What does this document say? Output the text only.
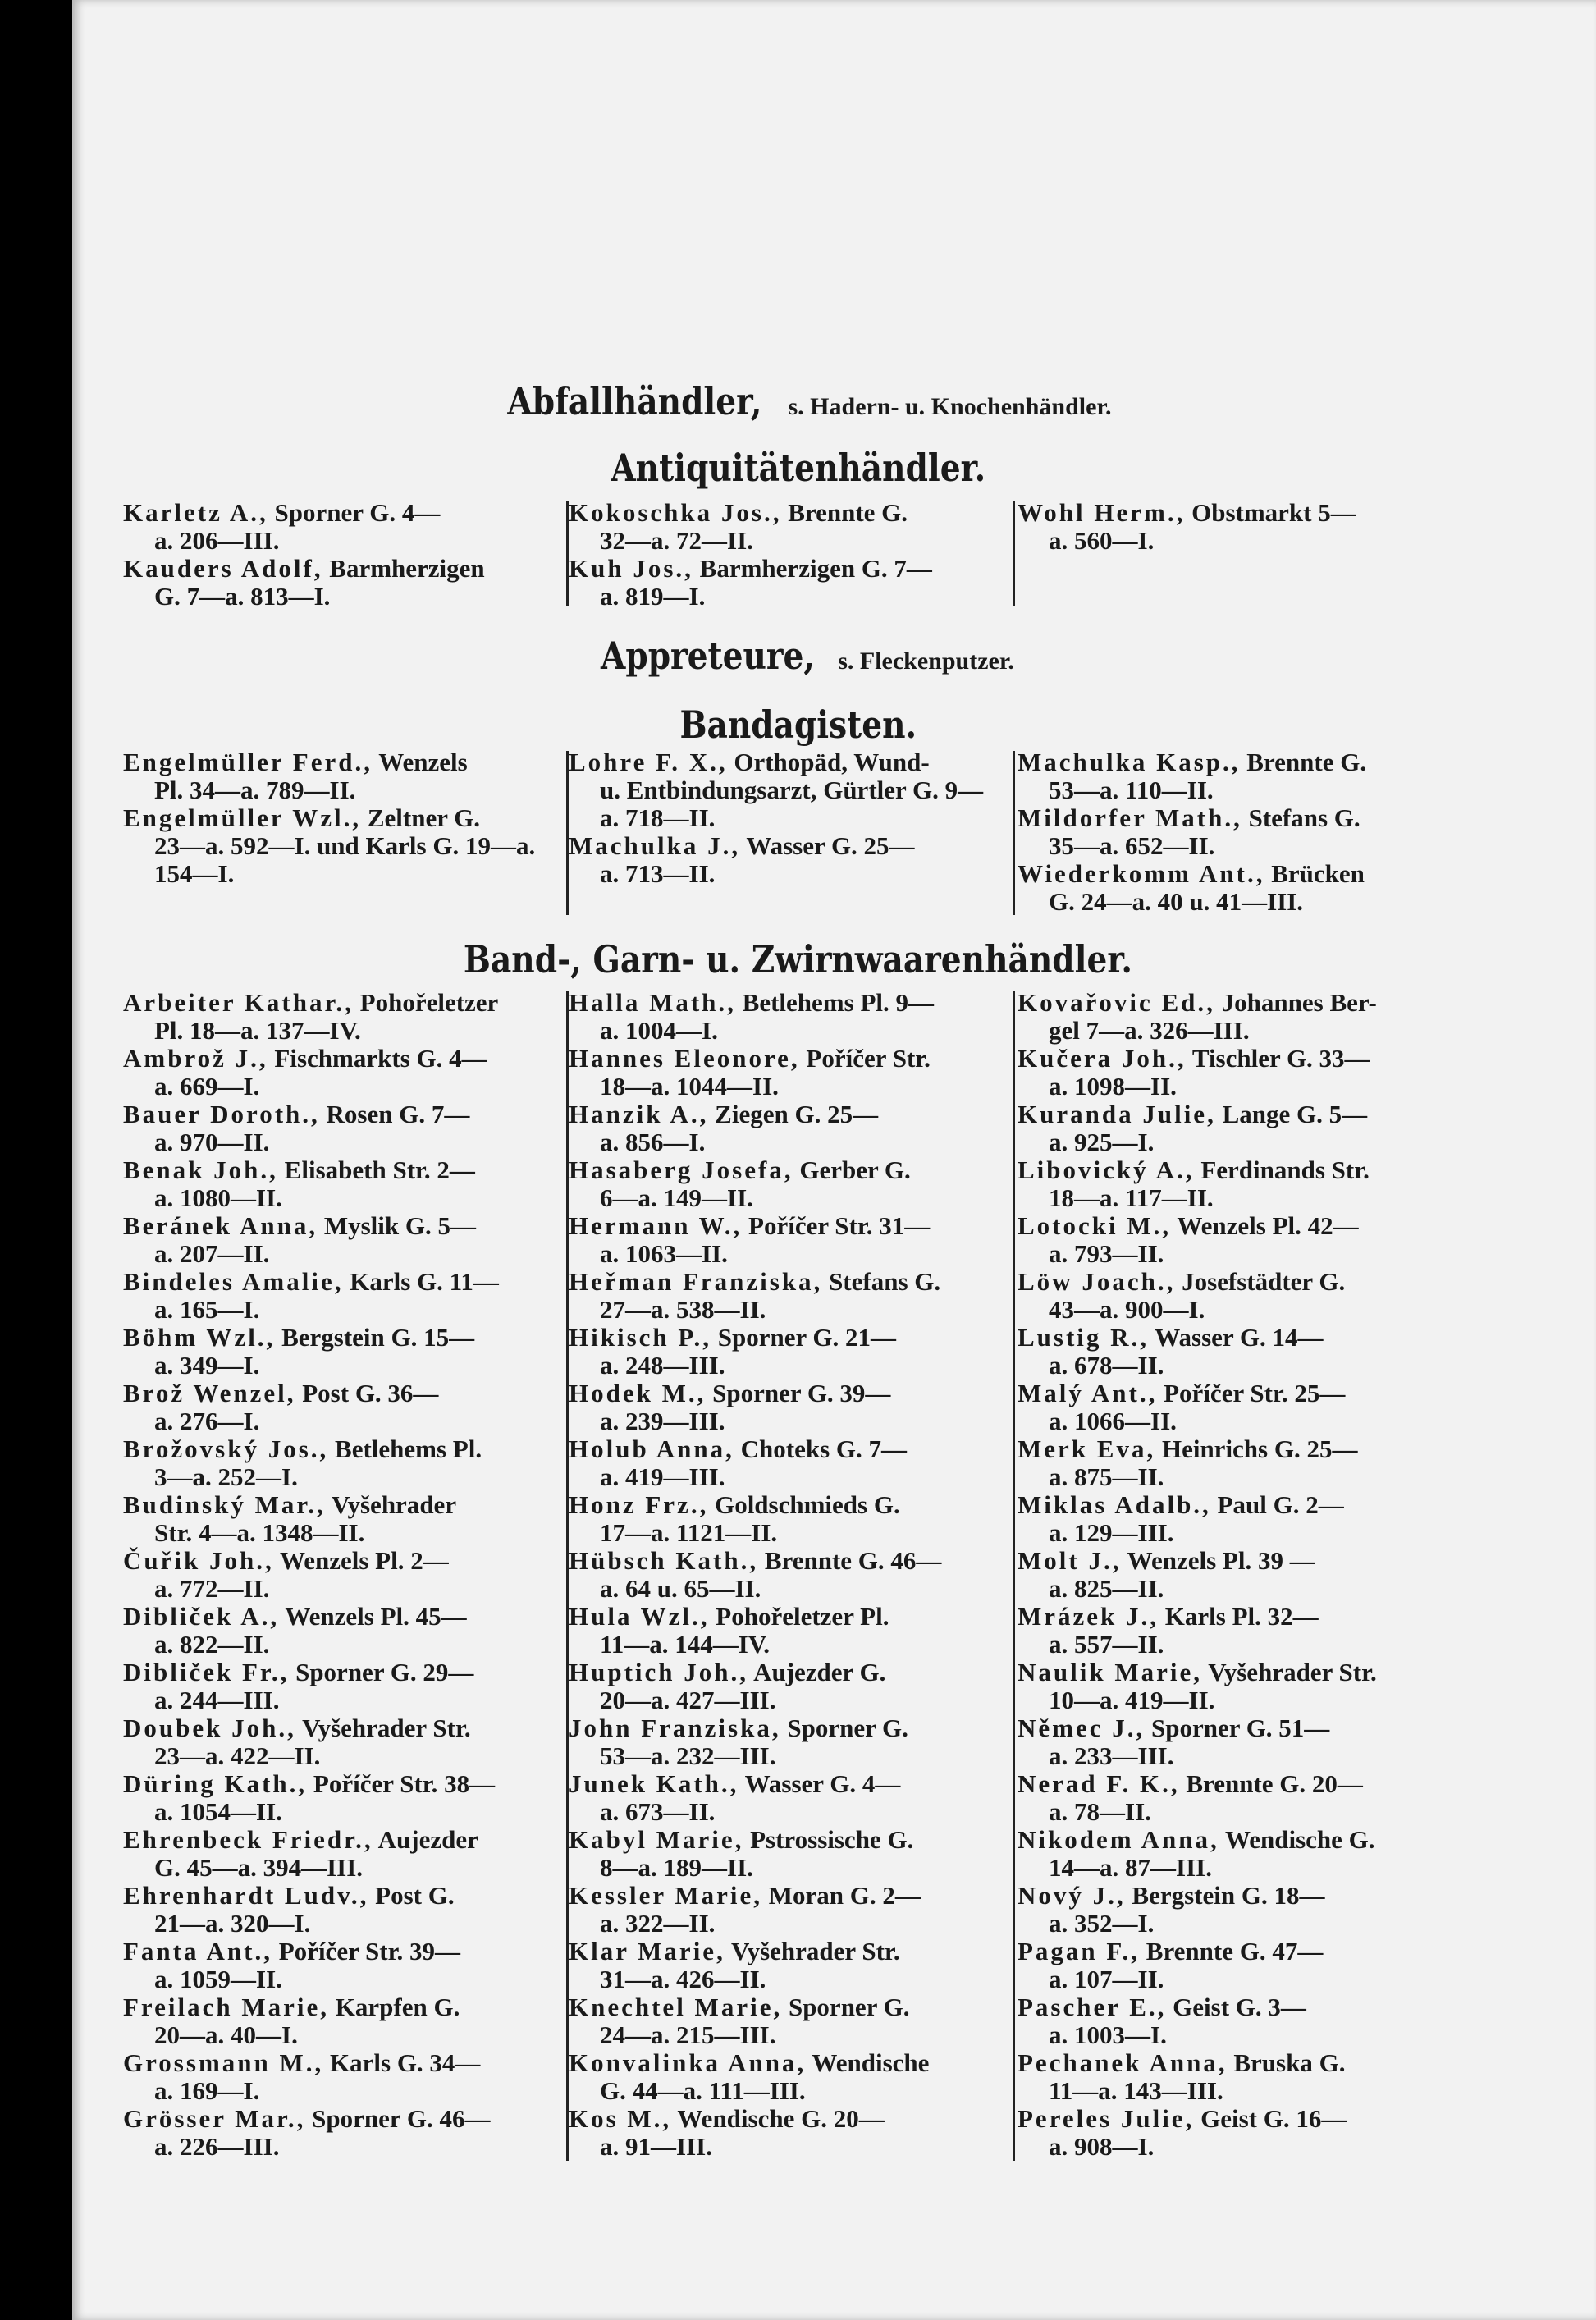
Abfallhändler, s. Hadern- u. Knochenhändler.
Antiquitätenhändler.

Karletz A., Sporner G. 4—
a. 206—III.

Kauders Adolf, Barmherzigen
G. 7—a. 813—I.

Kokoschka Jos., Brennte G.
32—a. 72—II.

Kuh Jos., Barmherzigen G. 7—
a. 819—I.

Wohl Herm., Obstmarkt 5—
a. 560—I.

Appreteure, s. Fleckenputzer.
Bandagisten.

Engelmüller Ferd., Wenzels
Pl. 34—a. 789—II.

Engelmüller Wzl., Zeltner G.
23—a. 592—I. und Karls G. 19—a. 154—I.

Lohre F. X., Orthopäd, Wund-
u. Entbindungsarzt, Gürtler G. 9—a. 718—II.

Machulka J., Wasser G. 25—
a. 713—II.

Machulka Kasp., Brennte G.
53—a. 110—II.

Mildorfer Math., Stefans G.
35—a. 652—II.

Wiederkomm Ant., Brücken
G. 24—a. 40 u. 41—III.

Band-, Garn- u. Zwirnwaarenhändler.

Arbeiter Kathar., Pohořeletzer
Pl. 18—a. 137—IV.

Ambrož J., Fischmarkts G. 4—
a. 669—I.

Bauer Doroth., Rosen G. 7—
a. 970—II.

Benak Joh., Elisabeth Str. 2—
a. 1080—II.

Beránek Anna, Myslik G. 5—
a. 207—II.

Bindeles Amalie, Karls G. 11—
a. 165—I.

Böhm Wzl., Bergstein G. 15—
a. 349—I.

Brož Wenzel, Post G. 36—
a. 276—I.

Brožovský Jos., Betlehems Pl.
3—a. 252—I.

Budinský Mar., Vyšehrader
Str. 4—a. 1348—II.

Čuřik Joh., Wenzels Pl. 2—
a. 772—II.

Dibliček A., Wenzels Pl. 45—
a. 822—II.

Dibliček Fr., Sporner G. 29—
a. 244—III.

Doubek Joh., Vyšehrader Str.
23—a. 422—II.

Düring Kath., Poříčer Str. 38—
a. 1054—II.

Ehrenbeck Friedr., Aujezder
G. 45—a. 394—III.

Ehrenhardt Ludv., Post G.
21—a. 320—I.

Fanta Ant., Poříčer Str. 39—
a. 1059—II.

Freilach Marie, Karpfen G.
20—a. 40—I.

Grossmann M., Karls G. 34—
a. 169—I.

Grösser Mar., Sporner G. 46—
a. 226—III.

Halla Math., Betlehems Pl. 9—
a. 1004—I.

Hannes Eleonore, Poříčer Str.
18—a. 1044—II.

Hanzik A., Ziegen G. 25—
a. 856—I.

Hasaberg Josefa, Gerber G.
6—a. 149—II.

Hermann W., Poříčer Str. 31—
a. 1063—II.

Heřman Franziska, Stefans G.
27—a. 538—II.

Hikisch P., Sporner G. 21—
a. 248—III.

Hodek M., Sporner G. 39—
a. 239—III.

Holub Anna, Choteks G. 7—
a. 419—III.

Honz Frz., Goldschmieds G.
17—a. 1121—II.

Hübsch Kath., Brennte G. 46—
a. 64 u. 65—II.

Hula Wzl., Pohořeletzer Pl.
11—a. 144—IV.

Huptich Joh., Aujezder G.
20—a. 427—III.

John Franziska, Sporner G.
53—a. 232—III.

Junek Kath., Wasser G. 4—
a. 673—II.

Kabyl Marie, Pstrossische G.
8—a. 189—II.

Kessler Marie, Moran G. 2—
a. 322—II.

Klar Marie, Vyšehrader Str.
31—a. 426—II.

Knechtel Marie, Sporner G.
24—a. 215—III.

Konvalinka Anna, Wendische
G. 44—a. 111—III.

Kos M., Wendische G. 20—
a. 91—III.

Kovařovic Ed., Johannes Ber-
gel 7—a. 326—III.

Kučera Joh., Tischler G. 33—
a. 1098—II.

Kuranda Julie, Lange G. 5—
a. 925—I.

Libovický A., Ferdinands Str.
18—a. 117—II.

Lotocki M., Wenzels Pl. 42—
a. 793—II.

Löw Joach., Josefstädter G.
43—a. 900—I.

Lustig R., Wasser G. 14—
a. 678—II.

Malý Ant., Poříčer Str. 25—
a. 1066—II.

Merk Eva, Heinrichs G. 25—
a. 875—II.

Miklas Adalb., Paul G. 2—
a. 129—III.

Molt J., Wenzels Pl. 39 —
a. 825—II.

Mrázek J., Karls Pl. 32—
a. 557—II.

Naulik Marie, Vyšehrader Str.
10—a. 419—II.

Němec J., Sporner G. 51—
a. 233—III.

Nerad F. K., Brennte G. 20—
a. 78—II.

Nikodem Anna, Wendische G.
14—a. 87—III.

Nový J., Bergstein G. 18—
a. 352—I.

Pagan F., Brennte G. 47—
a. 107—II.

Pascher E., Geist G. 3—
a. 1003—I.

Pechanek Anna, Bruska G.
11—a. 143—III.

Pereles Julie, Geist G. 16—
a. 908—I.
